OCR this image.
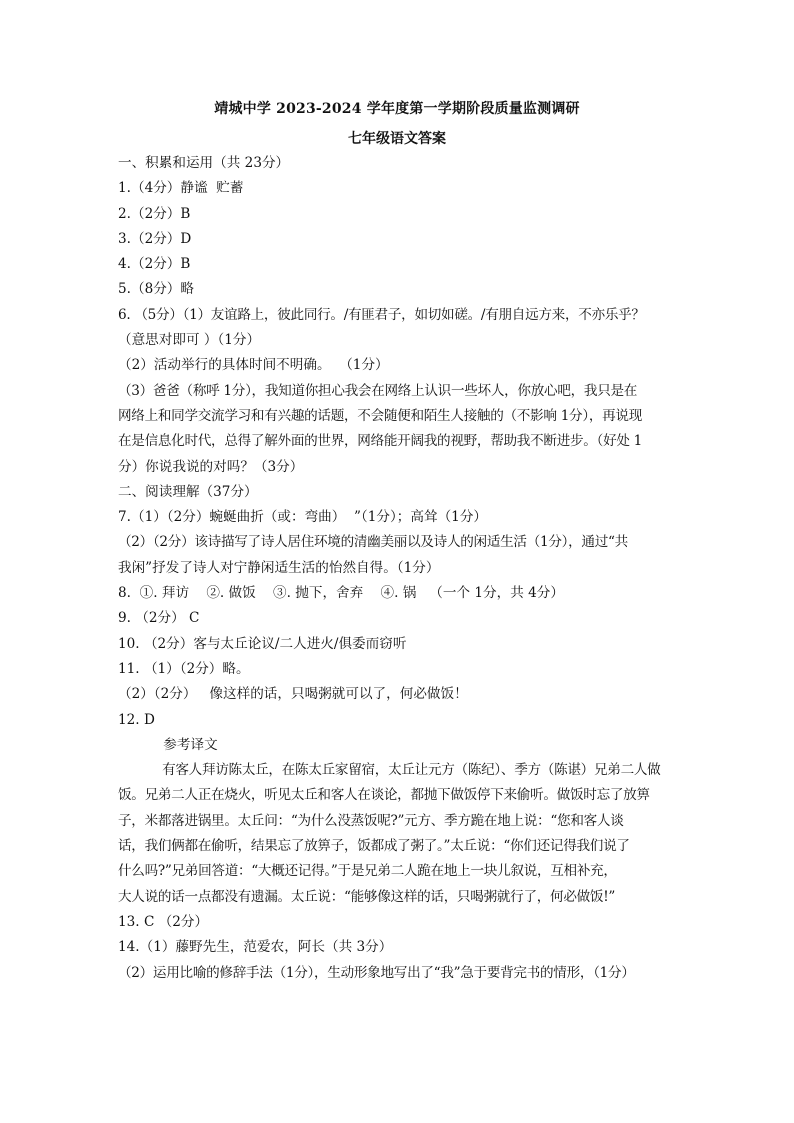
靖城中学 2023-2024 学年度第一学期阶段质量监测调研
七年级语文答案
一、积累和运用（共 23分）
1.（4分）静谧  贮蓄
2.（2分）B
3.（2分）D
4.（2分）B
5.（8分）略
6. （5分）（1）友谊路上，彼此同行。/有匪君子，如切如磋。/有朋自远方来，不亦乐乎？
（意思对即可 ）（1分）
（2）活动举行的具体时间不明确。  （1分）
（3）爸爸（称呼 1分），我知道你担心我会在网络上认识一些坏人，你放心吧，我只是在
网络上和同学交流学习和有兴趣的话题，不会随便和陌生人接触的（不影响 1分），再说现
在是信息化时代，总得了解外面的世界，网络能开阔我的视野，帮助我不断进步。（好处 1
分）你说我说的对吗？（3分）
二、阅读理解（37分）
7.（1）（2分）蜿蜒曲折（或：弯曲）  ”（1分）；高耸（1分）
（2）（2分）该诗描写了诗人居住环境的清幽美丽以及诗人的闲适生活（1分），通过“共
我闲”抒发了诗人对宁静闲适生活的怡然自得。（1分）
8.  ①. 拜访    ②. 做饭    ③. 抛下，舍弃    ④. 锅   （一个 1分，共 4分）
9. （2分） C
10. （2分）客与太丘论议/二人进火/俱委而窃听
11. （1）（2分）略。
（2）（2分）   像这样的话，只喝粥就可以了，何必做饭！
12. D
参考译文
有客人拜访陈太丘，在陈太丘家留宿，太丘让元方（陈纪）、季方（陈谌）兄弟二人做
饭。兄弟二人正在烧火，听见太丘和客人在谈论，都抛下做饭停下来偷听。做饭时忘了放箅
子，米都落进锅里。太丘问：“为什么没蒸饭呢?”元方、季方跪在地上说：“您和客人谈
话，我们俩都在偷听，结果忘了放箅子，饭都成了粥了。”太丘说：“你们还记得我们说了
什么吗?”兄弟回答道：“大概还记得。”于是兄弟二人跪在地上一块儿叙说，互相补充，
大人说的话一点都没有遗漏。太丘说：“能够像这样的话，只喝粥就行了，何必做饭!”
13. C （2分）
14.（1）藤野先生，范爱农，阿长（共 3分）
（2）运用比喻的修辞手法（1分），生动形象地写出了“我”急于要背完书的情形，（1分）
